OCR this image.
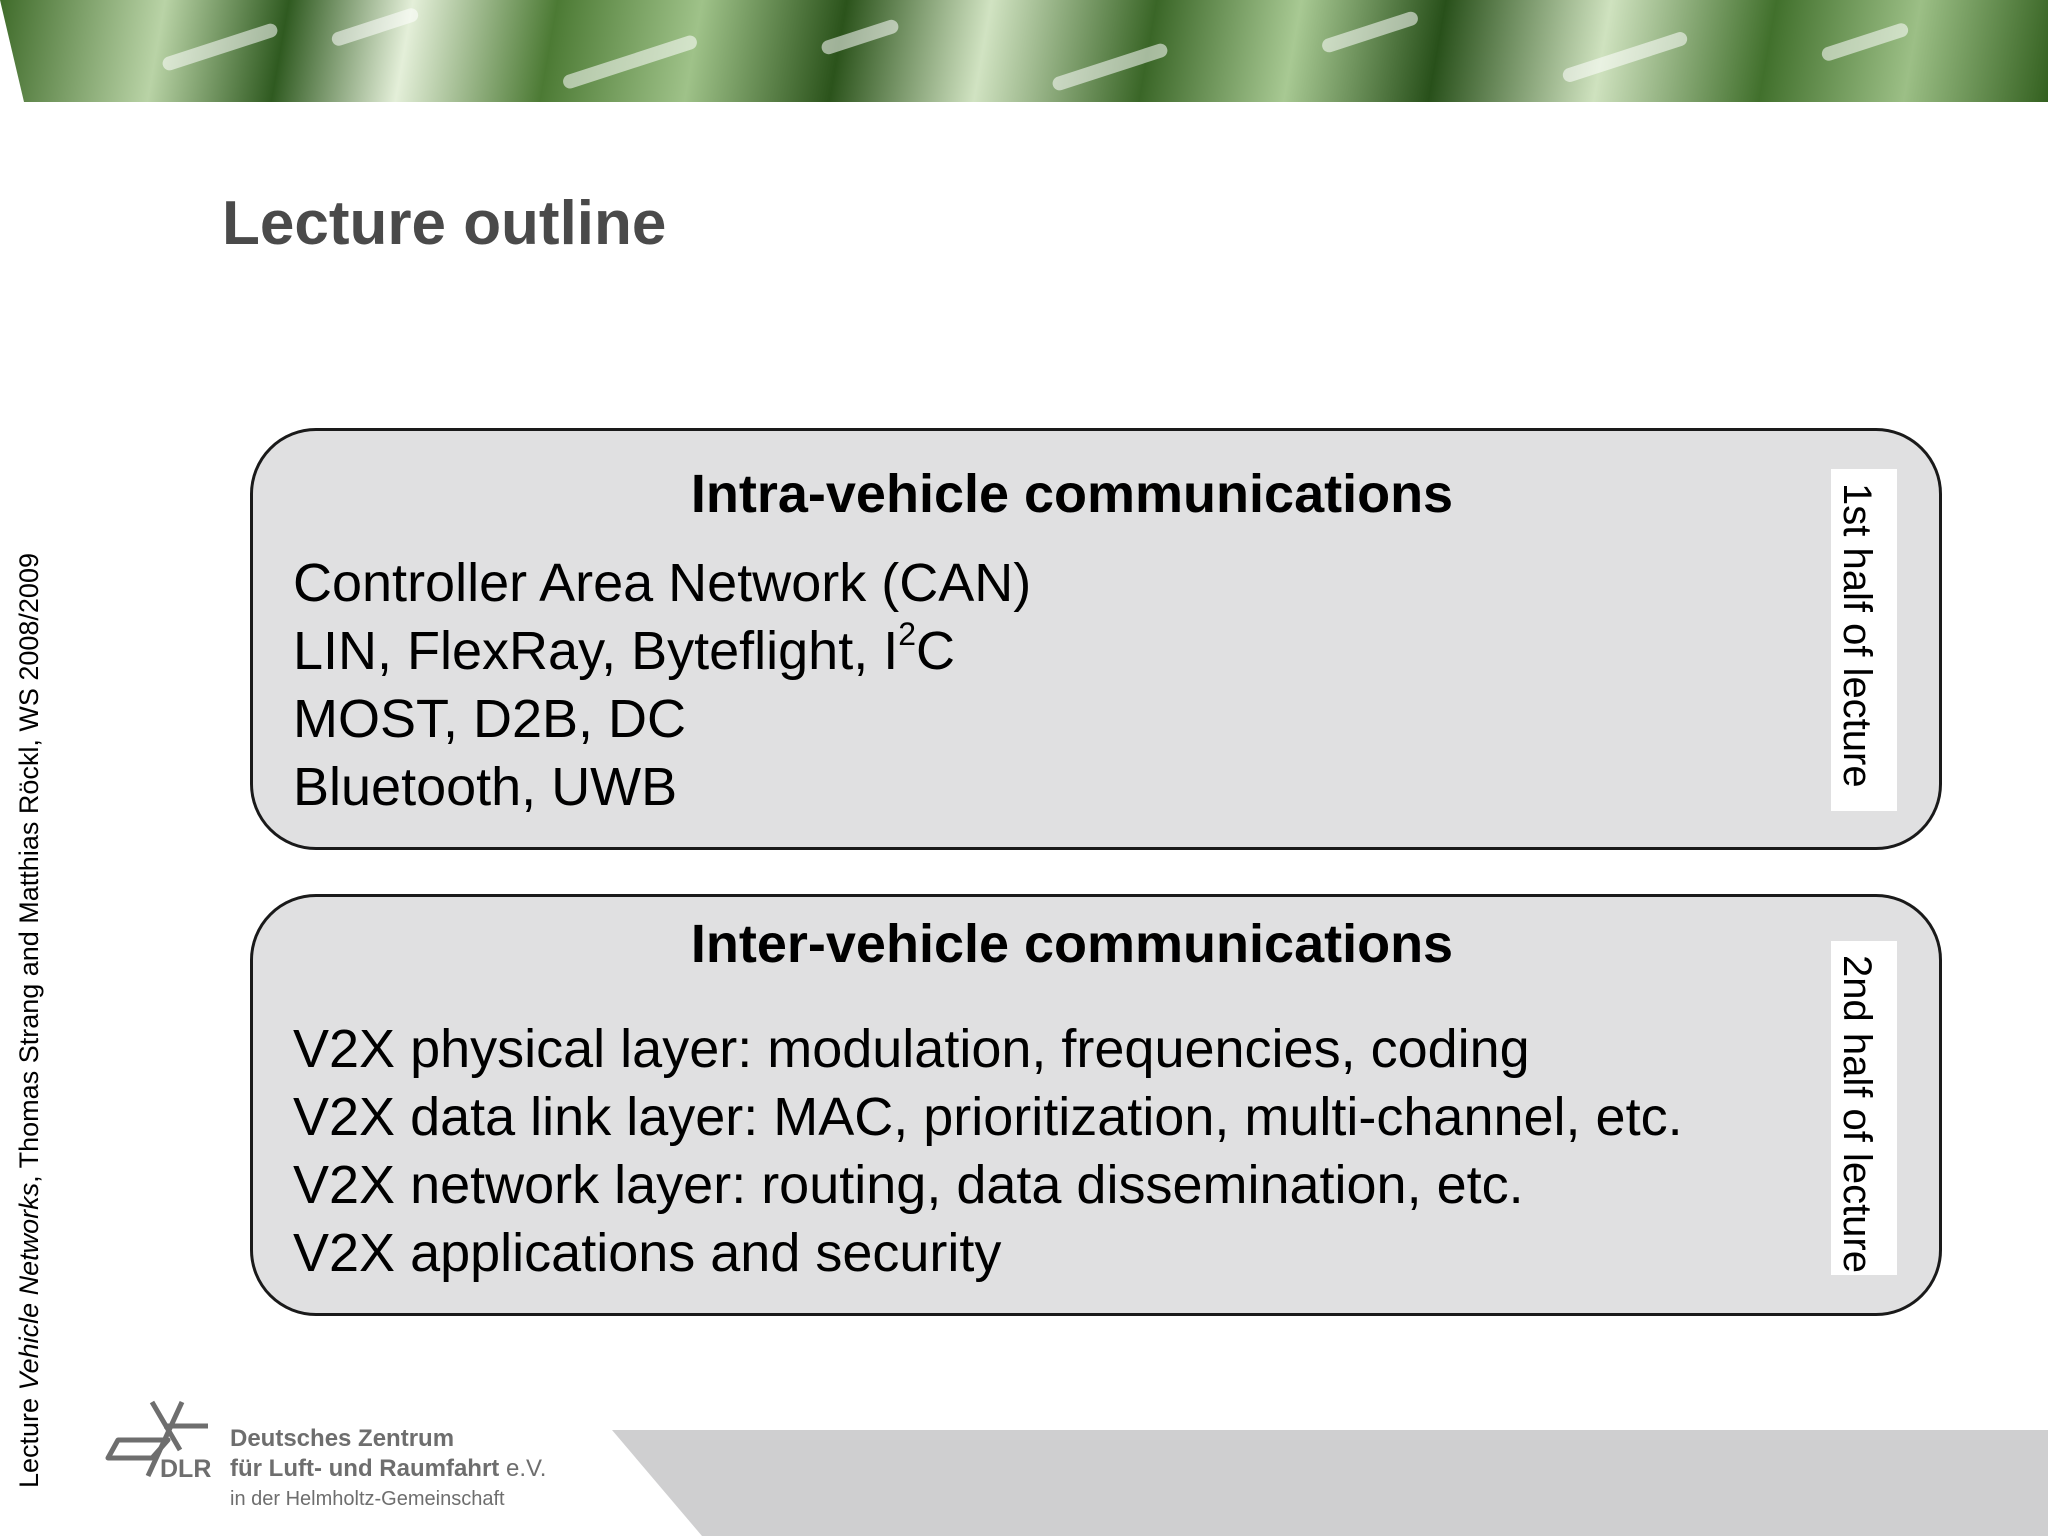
Lecture outline
Lecture Vehicle Networks, Thomas Strang and Matthias Röckl, WS 2008/2009
Intra-vehicle communications
Controller Area Network (CAN)
LIN, FlexRay, Byteflight, $I^2C$
MOST, D2B, DC
Bluetooth, UWB	1st half of lecture
Inter-vehicle communications
V2X physical layer: modulation, frequencies, coding
V2X data link layer: MAC, prioritization, multi-channel, etc.
V2X network layer: routing, data dissemination, etc.
V2X applications and security	2nd half of lecture
DLR
Deutsches Zentrum
für Luft- und Raumfahrt e.V.
in der Helmholtz-Gemeinschaft
